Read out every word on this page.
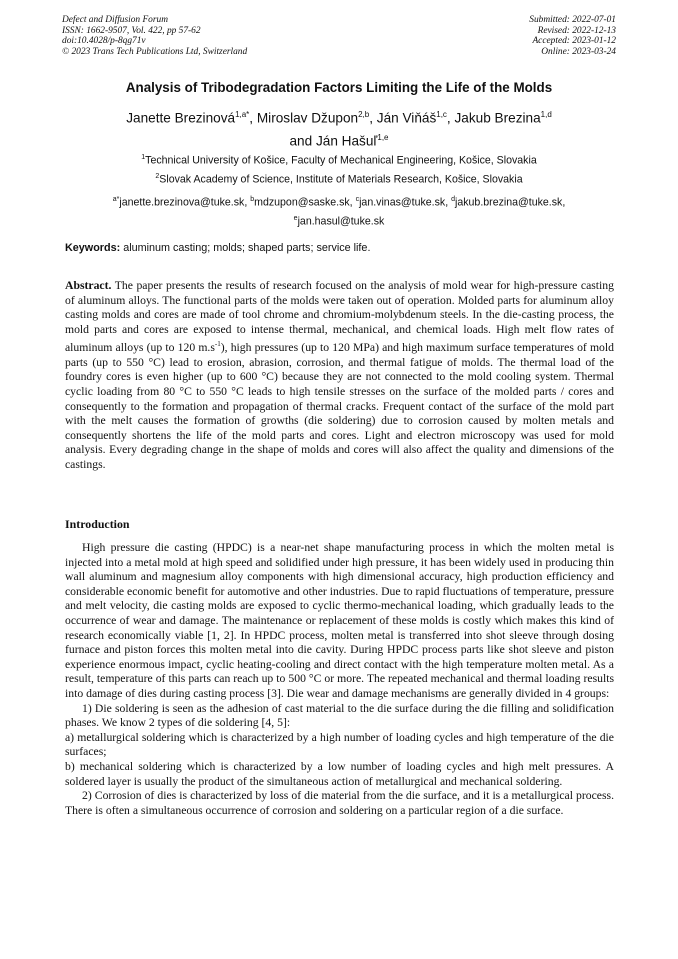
Defect and Diffusion Forum
ISSN: 1662-9507, Vol. 422, pp 57-62
doi:10.4028/p-8qg71v
© 2023 Trans Tech Publications Ltd, Switzerland
Submitted: 2022-07-01
Revised: 2022-12-13
Accepted: 2023-01-12
Online: 2023-03-24
Analysis of Tribodegradation Factors Limiting the Life of the Molds
Janette Brezinová$^{1,a*}$, Miroslav Džupon$^{2,b}$, Ján Viňáš$^{1,c}$, Jakub Brezina$^{1,d}$
and Ján Hašuľ$^{1,e}$
$^1$Technical University of Košice, Faculty of Mechanical Engineering, Košice, Slovakia
$^2$Slovak Academy of Science, Institute of Materials Research, Košice, Slovakia
$^{a*}$janette.brezinova@tuke.sk, $^b$mdzupon@saske.sk, $^c$jan.vinas@tuke.sk, $^d$jakub.brezina@tuke.sk,
$^e$jan.hasul@tuke.sk
Keywords: aluminum casting; molds; shaped parts; service life.
Abstract. The paper presents the results of research focused on the analysis of mold wear for high-pressure casting of aluminum alloys. The functional parts of the molds were taken out of operation. Molded parts for aluminum alloy casting molds and cores are made of tool chrome and chromium-molybdenum steels. In the die-casting process, the mold parts and cores are exposed to intense thermal, mechanical, and chemical loads. High melt flow rates of aluminum alloys (up to 120 $m.s^{-1}$), high pressures (up to 120 MPa) and high maximum surface temperatures of mold parts (up to 550 °C) lead to erosion, abrasion, corrosion, and thermal fatigue of molds. The thermal load of the foundry cores is even higher (up to 600 °C) because they are not connected to the mold cooling system. Thermal cyclic loading from 80 °C to 550 °C leads to high tensile stresses on the surface of the molded parts / cores and consequently to the formation and propagation of thermal cracks. Frequent contact of the surface of the mold part with the melt causes the formation of growths (die soldering) due to corrosion caused by molten metals and consequently shortens the life of the mold parts and cores. Light and electron microscopy was used for mold analysis. Every degrading change in the shape of molds and cores will also affect the quality and dimensions of the castings.
Introduction

High pressure die casting (HPDC) is a near-net shape manufacturing process in which the molten metal is injected into a metal mold at high speed and solidified under high pressure, it has been widely used in producing thin wall aluminum and magnesium alloy components with high dimensional accuracy, high production efficiency and considerable economic benefit for automotive and other industries. Due to rapid fluctuations of temperature, pressure and melt velocity, die casting molds are exposed to cyclic thermo-mechanical loading, which gradually leads to the occurrence of wear and damage. The maintenance or replacement of these molds is costly which makes this kind of research economically viable [1, 2]. In HPDC process, molten metal is transferred into shot sleeve through dosing furnace and piston forces this molten metal into die cavity. During HPDC process parts like shot sleeve and piston experience enormous impact, cyclic heating-cooling and direct contact with the high temperature molten metal. As a result, temperature of this parts can reach up to 500 °C or more. The repeated mechanical and thermal loading results into damage of dies during casting process [3]. Die wear and damage mechanisms are generally divided in 4 groups:

1) Die soldering is seen as the adhesion of cast material to the die surface during the die filling and solidification phases. We know 2 types of die soldering [4, 5]:

a) metallurgical soldering which is characterized by a high number of loading cycles and high temperature of the die surfaces;

b) mechanical soldering which is characterized by a low number of loading cycles and high melt pressures. A soldered layer is usually the product of the simultaneous action of metallurgical and mechanical soldering.

2) Corrosion of dies is characterized by loss of die material from the die surface, and it is a metallurgical process. There is often a simultaneous occurrence of corrosion and soldering on a particular region of a die surface.
